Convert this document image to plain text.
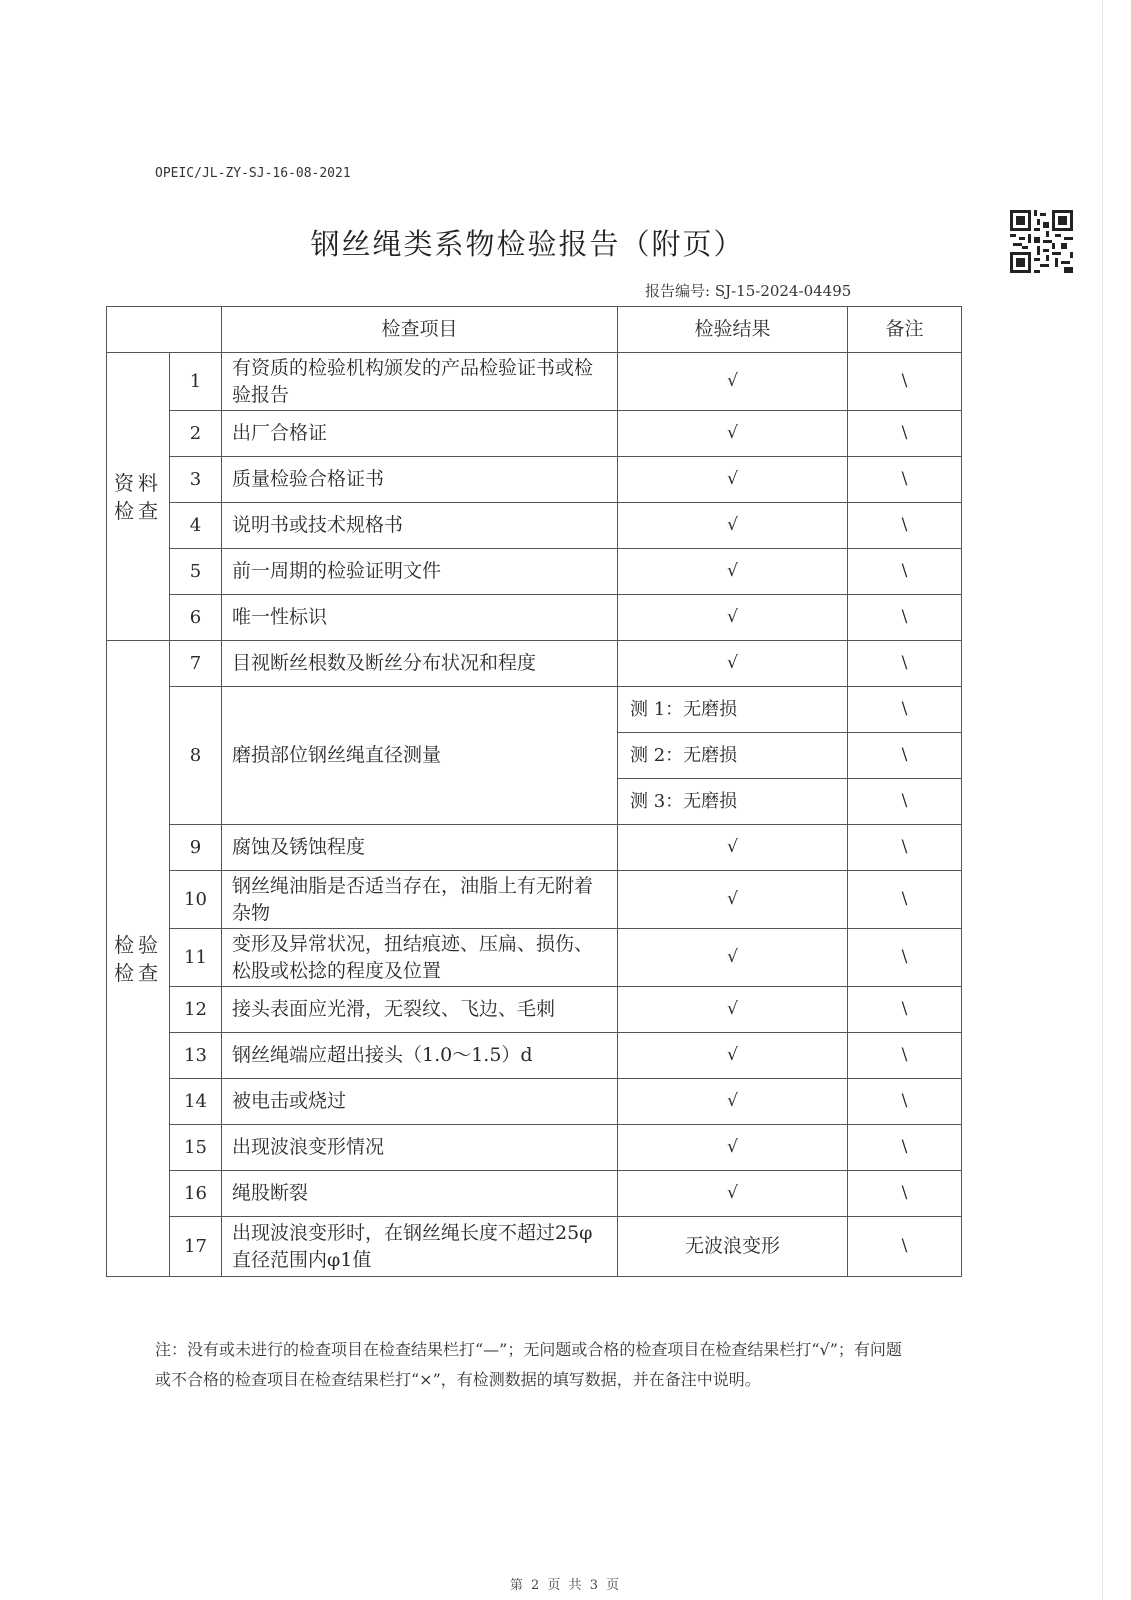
OPEIC/JL-ZY-SJ-16-08-2021
钢丝绳类系物检验报告（附页）
报告编号: SJ-15-2024-04495
		检查项目	检验结果	备注
资料
检查	1	有资质的检验机构颁发的产品检验证书或检验报告	√	\
	2	出厂合格证	√	\
	3	质量检验合格证书	√	\
	4	说明书或技术规格书	√	\
	5	前一周期的检验证明文件	√	\
	6	唯一性标识	√	\
检验
检查	7	目视断丝根数及断丝分布状况和程度	√	\
	8	磨损部位钢丝绳直径测量	测 1：无磨损	\
			测 2：无磨损	\
			测 3：无磨损	\
	9	腐蚀及锈蚀程度	√	\
	10	钢丝绳油脂是否适当存在，油脂上有无附着杂物	√	\
	11	变形及异常状况，扭结痕迹、压扁、损伤、松股或松捻的程度及位置	√	\
	12	接头表面应光滑，无裂纹、飞边、毛刺	√	\
	13	钢丝绳端应超出接头（1.0～1.5）d	√	\
	14	被电击或烧过	√	\
	15	出现波浪变形情况	√	\
	16	绳股断裂	√	\
	17	出现波浪变形时，在钢丝绳长度不超过25φ直径范围内φ1值	无波浪变形	\
注：没有或未进行的检查项目在检查结果栏打“—”；无问题或合格的检查项目在检查结果栏打“√”；有问题或不合格的检查项目在检查结果栏打“×”，有检测数据的填写数据，并在备注中说明。
第 2 页 共 3 页
